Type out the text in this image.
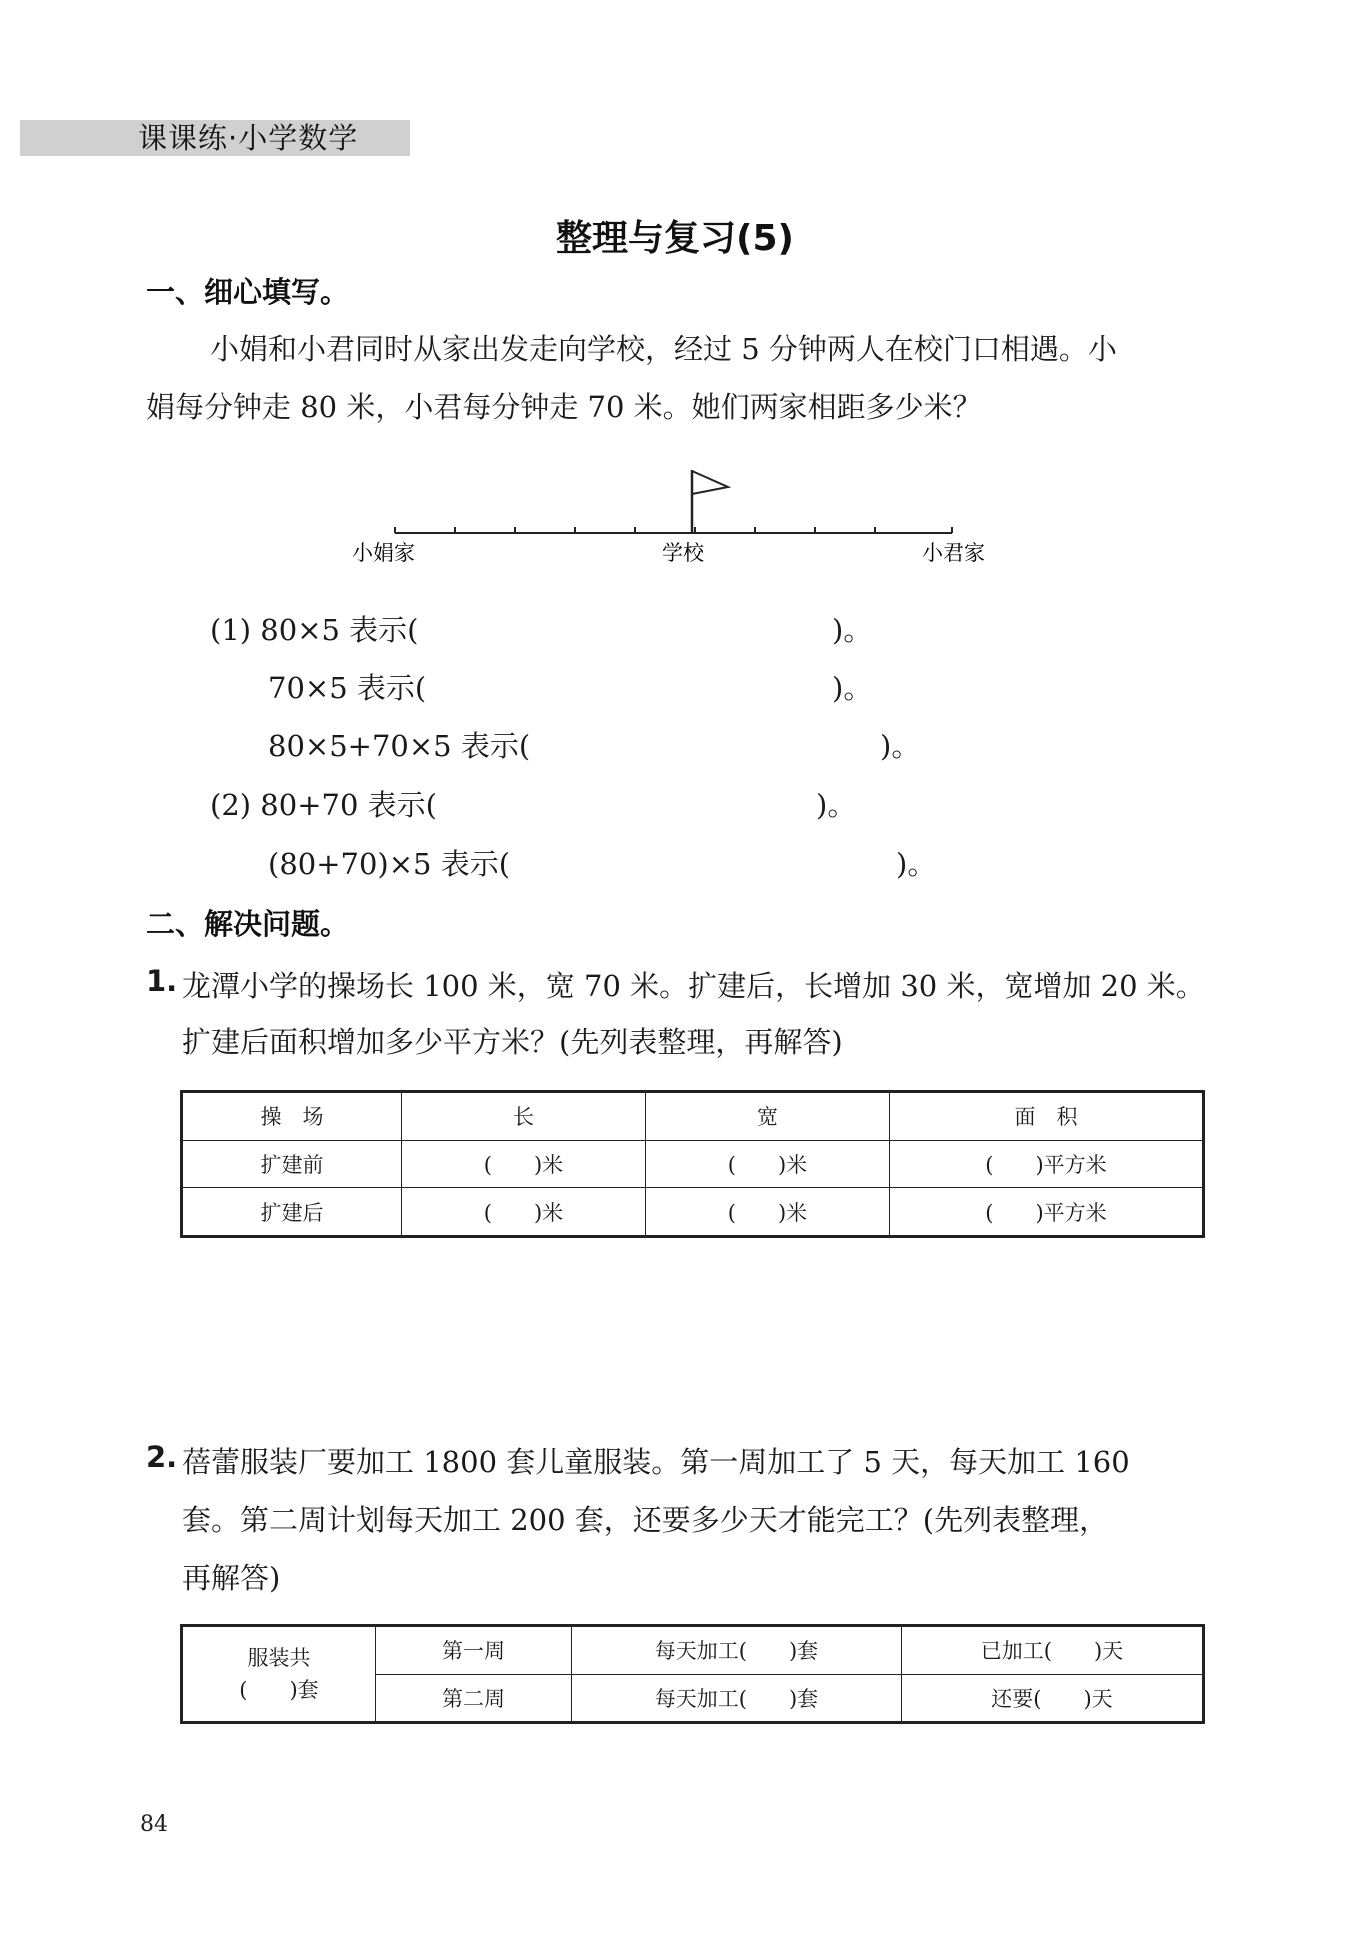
课课练·小学数学
整理与复习(5)
一、细心填写。
小娟和小君同时从家出发走向学校，经过 5 分钟两人在校门口相遇。小
娟每分钟走 80 米，小君每分钟走 70 米。她们两家相距多少米？
小娟家	学校	小君家
(1) 80×5 表示(	)。
70×5 表示(	)。
80×5+70×5 表示(	)。
(2) 80+70 表示(	)。
(80+70)×5 表示(	)。
二、解决问题。
1. 龙潭小学的操场长 100 米，宽 70 米。扩建后，长增加 30 米，宽增加 20 米。
扩建后面积增加多少平方米？(先列表整理，再解答)
操　场	长	宽	面　积
扩建前	(　　)米	(　　)米	(　　)平方米
扩建后	(　　)米	(　　)米	(　　)平方米
2. 蓓蕾服装厂要加工 1800 套儿童服装。第一周加工了 5 天，每天加工 160
套。第二周计划每天加工 200 套，还要多少天才能完工？(先列表整理，
再解答)
服装共
(　　)套	第一周	每天加工(　　)套	已加工(　　)天
	第二周	每天加工(　　)套	还要(　　)天
84
